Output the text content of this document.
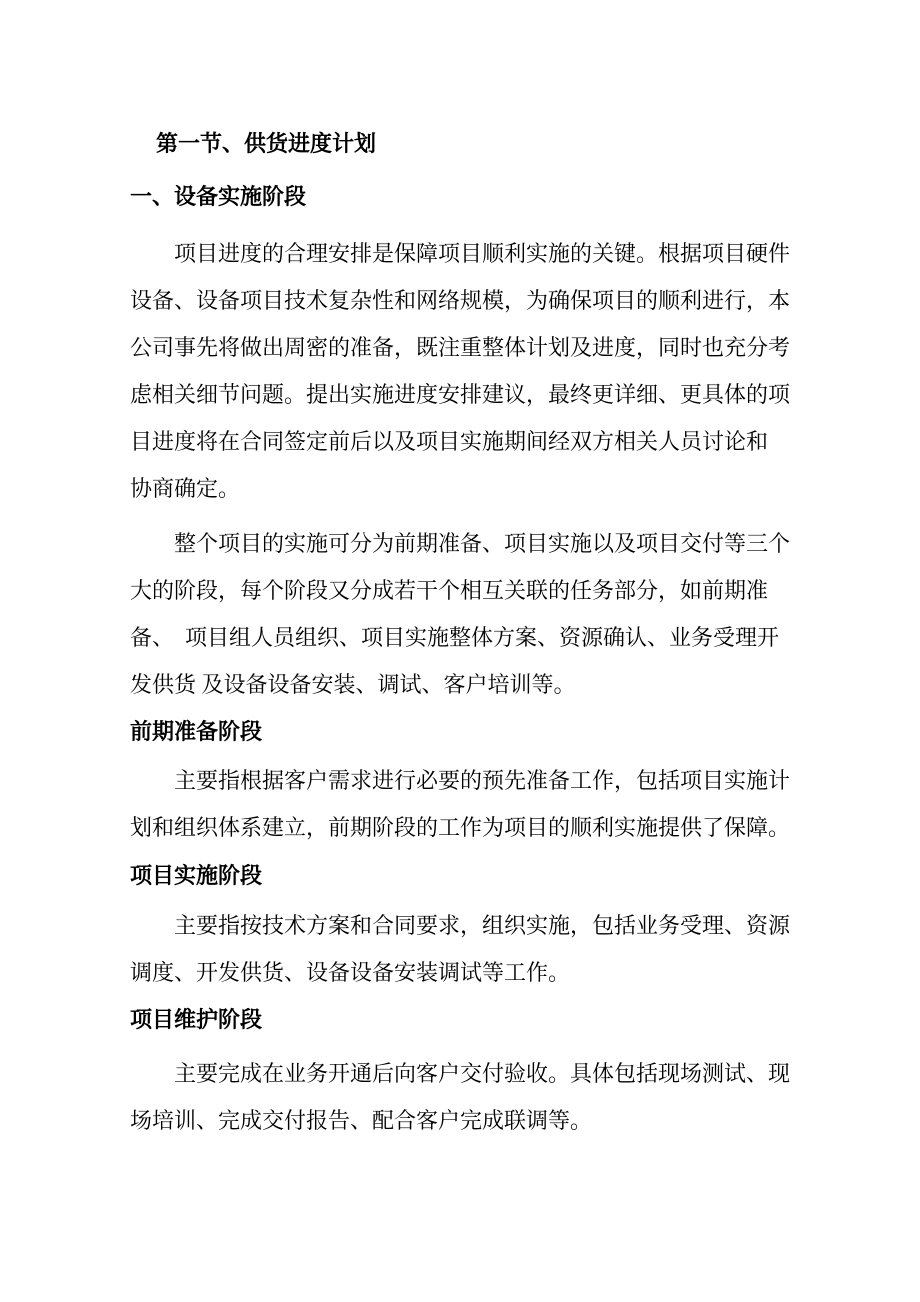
第一节、供货进度计划
一、设备实施阶段
项目进度的合理安排是保障项目顺利实施的关键。根据项目硬件
设备、设备项目技术复杂性和网络规模，为确保项目的顺利进行，本
公司事先将做出周密的准备，既注重整体计划及进度，同时也充分考
虑相关细节问题。提出实施进度安排建议，最终更详细、更具体的项
目进度将在合同签定前后以及项目实施期间经双方相关人员讨论和
协商确定。
整个项目的实施可分为前期准备、项目实施以及项目交付等三个
大的阶段，每个阶段又分成若干个相互关联的任务部分，如前期准
备、　项目组人员组织、项目实施整体方案、资源确认、业务受理开
发供货 及设备设备安装、调试、客户培训等。
前期准备阶段
主要指根据客户需求进行必要的预先准备工作，包括项目实施计
划和组织体系建立，前期阶段的工作为项目的顺利实施提供了保障。
项目实施阶段
主要指按技术方案和合同要求，组织实施，包括业务受理、资源
调度、开发供货、设备设备安装调试等工作。
项目维护阶段
主要完成在业务开通后向客户交付验收。具体包括现场测试、现
场培训、完成交付报告、配合客户完成联调等。
